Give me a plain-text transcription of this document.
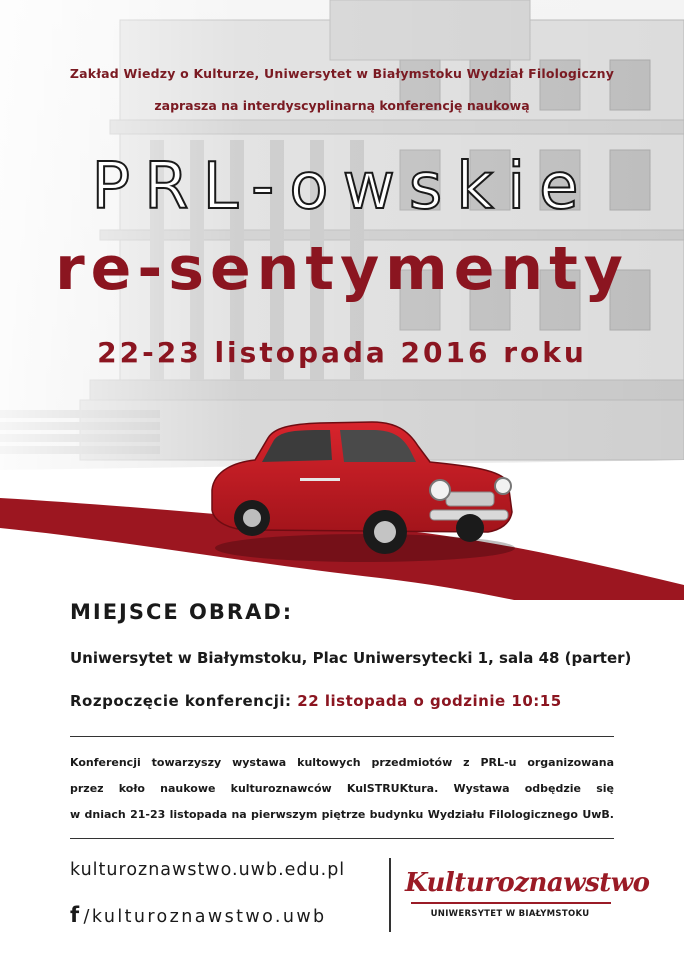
Zakład Wiedzy o Kulturze, Uniwersytet w Białymstoku Wydział Filologiczny
zaprasza na interdyscyplinarną konferencję naukową
PRL-owskie
re-sentymenty
22-23 listopada 2016 roku
MIEJSCE OBRAD:
Uniwersytet w Białymstoku, Plac Uniwersytecki 1, sala 48 (parter)
Rozpoczęcie konferencji: 22 listopada o godzinie 10:15
Konferencji towarzyszy wystawa kultowych przedmiotów z PRL-u organizowana
przez koło naukowe kulturoznawców KulSTRUKtura. Wystawa odbędzie się
w dniach 21-23 listopada na pierwszym piętrze budynku Wydziału Filologicznego UwB.
kulturoznawstwo.uwb.edu.pl
f /kulturoznawstwo.uwb
Kulturoznawstwo
UNIWERSYTET W BIAŁYMSTOKU
